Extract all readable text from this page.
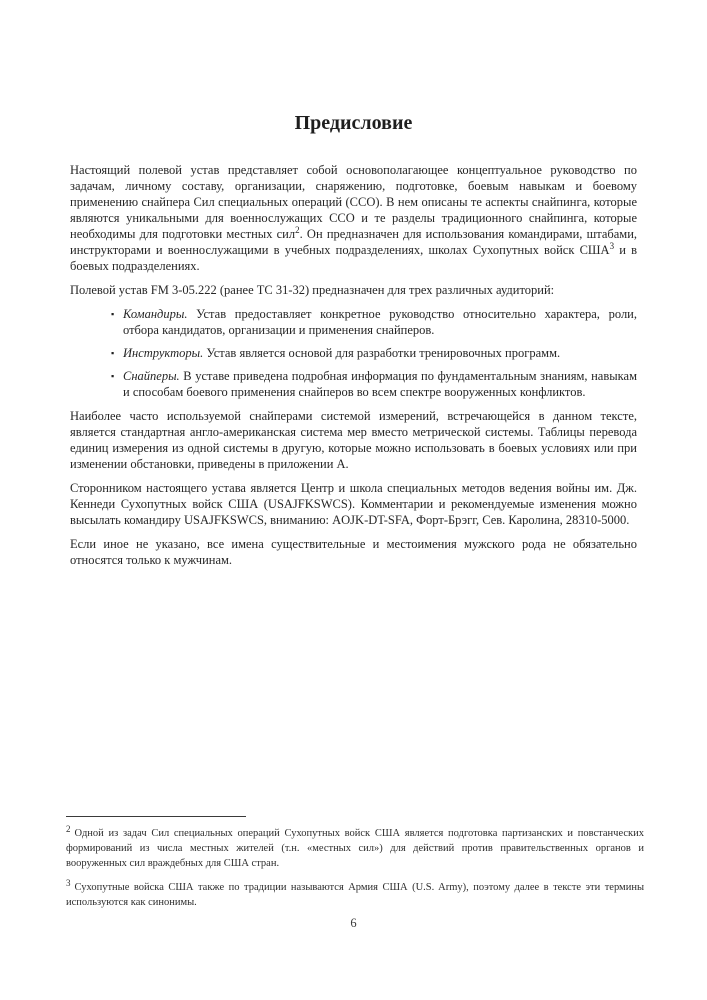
Предисловие

Настоящий полевой устав представляет собой основополагающее концептуальное руководство по задачам, личному составу, организации, снаряжению, подготовке, боевым навыкам и боевому применению снайпера Сил специальных операций (ССО). В нем описаны те аспекты снайпинга, которые являются уникальными для военнослужащих ССО и те разделы традиционного снайпинга, которые необходимы для подготовки местных сил$^2$. Он предназначен для использования командирами, штабами, инструкторами и военнослужащими в учебных подразделениях, школах Сухопутных войск США$^3$ и в боевых подразделениях.

Полевой устав FM 3-05.222 (ранее TC 31-32) предназначен для трех различных аудиторий:

▪ Командиры. Устав предоставляет конкретное руководство относительно характера, роли, отбора кандидатов, организации и применения снайперов.
▪ Инструкторы. Устав является основой для разработки тренировочных программ.
▪ Снайперы. В уставе приведена подробная информация по фундаментальным знаниям, навыкам и способам боевого применения снайперов во всем спектре вооруженных конфликтов.

Наиболее часто используемой снайперами системой измерений, встречающейся в данном тексте, является стандартная англо-американская система мер вместо метрической системы. Таблицы перевода единиц измерения из одной системы в другую, которые можно использовать в боевых условиях или при изменении обстановки, приведены в приложении А.

Сторонником настоящего устава является Центр и школа специальных методов ведения войны им. Дж. Кеннеди Сухопутных войск США (USAJFKSWCS). Комментарии и рекомендуемые изменения можно высылать командиру USAJFKSWCS, вниманию: AOJK-DT-SFA, Форт-Брэгг, Сев. Каролина, 28310-5000.

Если иное не указано, все имена существительные и местоимения мужского рода не обязательно относятся только к мужчинам.

$^2$ Одной из задач Сил специальных операций Сухопутных войск США является подготовка партизанских и повстанческих формирований из числа местных жителей (т.н. «местных сил») для действий против правительственных органов и вооруженных сил враждебных для США стран.

$^3$ Сухопутные войска США также по традиции называются Армия США (U.S. Army), поэтому далее в тексте эти термины используются как синонимы.

6
